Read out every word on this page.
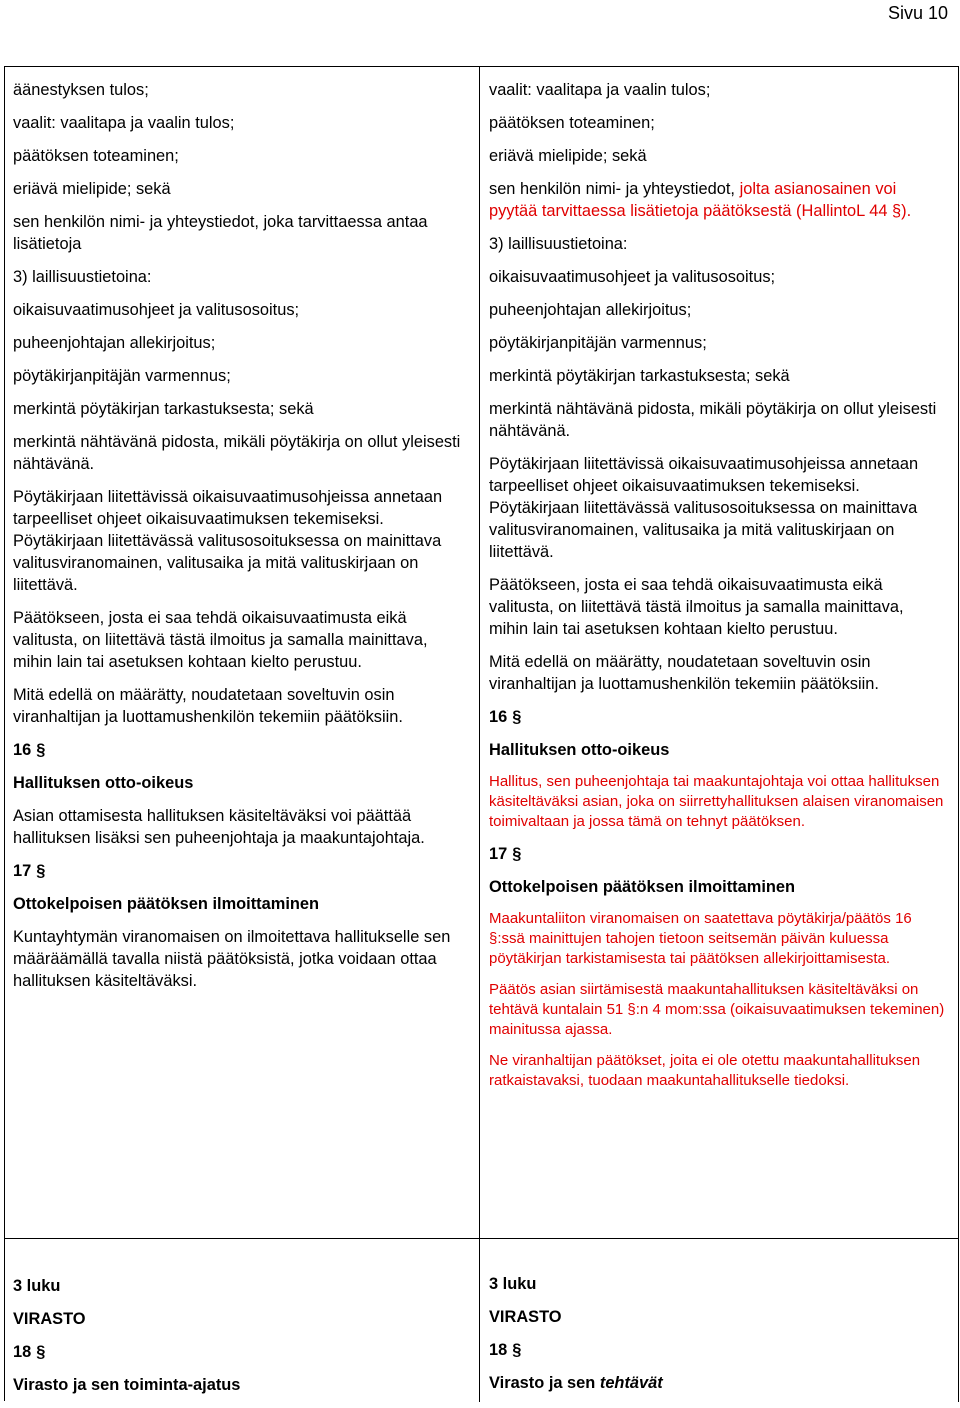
Sivu 10

äänestyksen tulos;

vaalit: vaalitapa ja vaalin tulos;

päätöksen toteaminen;

eriävä mielipide; sekä

sen henkilön nimi- ja yhteystiedot, joka tarvittaessa antaa lisätietoja

3) laillisuustietoina:

oikaisuvaatimusohjeet ja valitusosoitus;

puheenjohtajan allekirjoitus;

pöytäkirjanpitäjän varmennus;

merkintä pöytäkirjan tarkastuksesta; sekä

merkintä nähtävänä pidosta, mikäli pöytäkirja on ollut yleisesti nähtävänä.

Pöytäkirjaan liitettävissä oikaisuvaatimusohjeissa annetaan tarpeelliset ohjeet oikaisuvaatimuksen tekemiseksi. Pöytäkirjaan liitettävässä valitusosoituksessa on mainittava valitusviranomainen, valitusaika ja mitä valituskirjaan on liitettävä.

Päätökseen, josta ei saa tehdä oikaisuvaatimusta eikä valitusta, on liitettävä tästä ilmoitus ja samalla mainittava, mihin lain tai asetuksen kohtaan kielto perustuu.

Mitä edellä on määrätty, noudatetaan soveltuvin osin viranhaltijan ja luottamushenkilön tekemiin päätöksiin.

16 §

Hallituksen otto-oikeus

Asian ottamisesta hallituksen käsiteltäväksi voi päättää hallituksen lisäksi sen puheenjohtaja ja maakuntajohtaja.

17 §

Ottokelpoisen päätöksen ilmoittaminen

Kuntayhtymän viranomaisen on ilmoitettava hallitukselle sen määräämällä tavalla niistä päätöksistä, jotka voidaan ottaa hallituksen käsiteltäväksi.

vaalit: vaalitapa ja vaalin tulos;

päätöksen toteaminen;

eriävä mielipide; sekä

sen henkilön nimi- ja yhteystiedot, jolta asianosainen voi pyytää tarvittaessa lisätietoja päätöksestä (HallintoL 44 §).

3) laillisuustietoina:

oikaisuvaatimusohjeet ja valitusosoitus;

puheenjohtajan allekirjoitus;

pöytäkirjanpitäjän varmennus;

merkintä pöytäkirjan tarkastuksesta; sekä

merkintä nähtävänä pidosta, mikäli pöytäkirja on ollut yleisesti nähtävänä.

Pöytäkirjaan liitettävissä oikaisuvaatimusohjeissa annetaan tarpeelliset ohjeet oikaisuvaatimuksen tekemiseksi. Pöytäkirjaan liitettävässä valitusosoituksessa on mainittava valitusviranomainen, valitusaika ja mitä valituskirjaan on liitettävä.

Päätökseen, josta ei saa tehdä oikaisuvaatimusta eikä valitusta, on liitettävä tästä ilmoitus ja samalla mainittava, mihin lain tai asetuksen kohtaan kielto perustuu.

Mitä edellä on määrätty, noudatetaan soveltuvin osin viranhaltijan ja luottamushenkilön tekemiin päätöksiin.

16 §

Hallituksen otto-oikeus

Hallitus, sen puheenjohtaja tai maakuntajohtaja voi ottaa hallituksen käsiteltäväksi asian, joka on siirrettyhallituksen alaisen viranomaisen toimivaltaan ja jossa tämä on tehnyt päätöksen.

17 §

Ottokelpoisen päätöksen ilmoittaminen

Maakuntaliiton viranomaisen on saatettava pöytäkirja/päätös 16 §:ssä mainittujen tahojen tietoon seitsemän päivän kuluessa pöytäkirjan tarkistamisesta tai päätöksen allekirjoittamisesta.

Päätös asian siirtämisestä maakuntahallituksen käsiteltäväksi on tehtävä kuntalain 51 §:n 4 mom:ssa (oikaisuvaatimuksen tekeminen) mainitussa ajassa.

Ne viranhaltijan päätökset, joita ei ole otettu maakuntahallituksen ratkaistavaksi, tuodaan maakuntahallitukselle tiedoksi.

3 luku

VIRASTO

18 §

Virasto ja sen toiminta-ajatus

3 luku

VIRASTO

18 §

Virasto ja sen tehtävät
